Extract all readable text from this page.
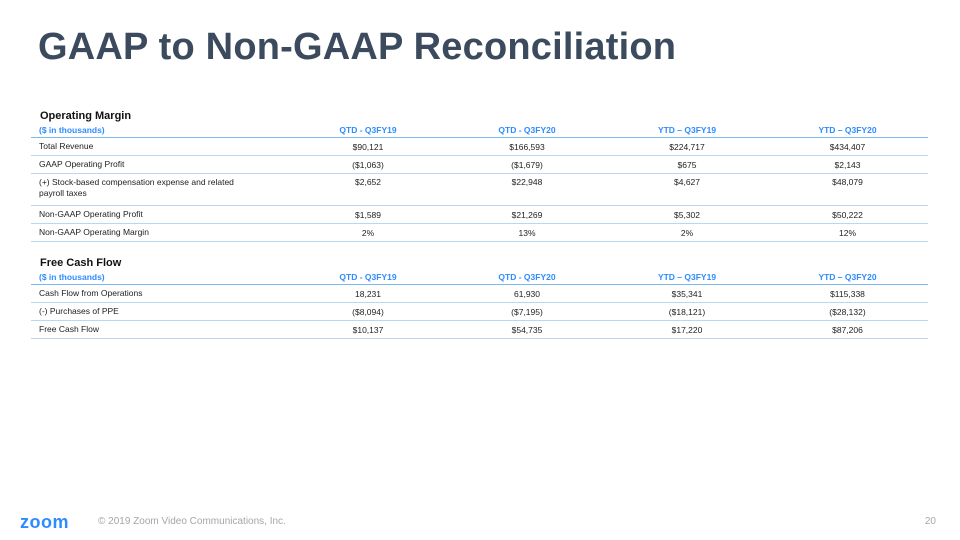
GAAP to Non-GAAP Reconciliation
Operating Margin
($ in thousands)	QTD - Q3FY19	QTD - Q3FY20	YTD – Q3FY19	YTD – Q3FY20
Total Revenue	$90,121	$166,593	$224,717	$434,407
GAAP Operating Profit	($1,063)	($1,679)	$675	$2,143

(+) Stock-based compensation expense and related payroll taxes	$2,652	$22,948	$4,627	$48,079
Non-GAAP Operating Profit	$1,589	$21,269	$5,302	$50,222
Non-GAAP Operating Margin	2%	13%	2%	12%
Free Cash Flow
($ in thousands)	QTD - Q3FY19	QTD - Q3FY20	YTD – Q3FY19	YTD – Q3FY20
Cash Flow from Operations	18,231	61,930	$35,341	$115,338
(-) Purchases of PPE	($8,094)	($7,195)	($18,121)	($28,132)
Free Cash Flow	$10,137	$54,735	$17,220	$87,206
zoom	© 2019 Zoom Video Communications, Inc.	20
